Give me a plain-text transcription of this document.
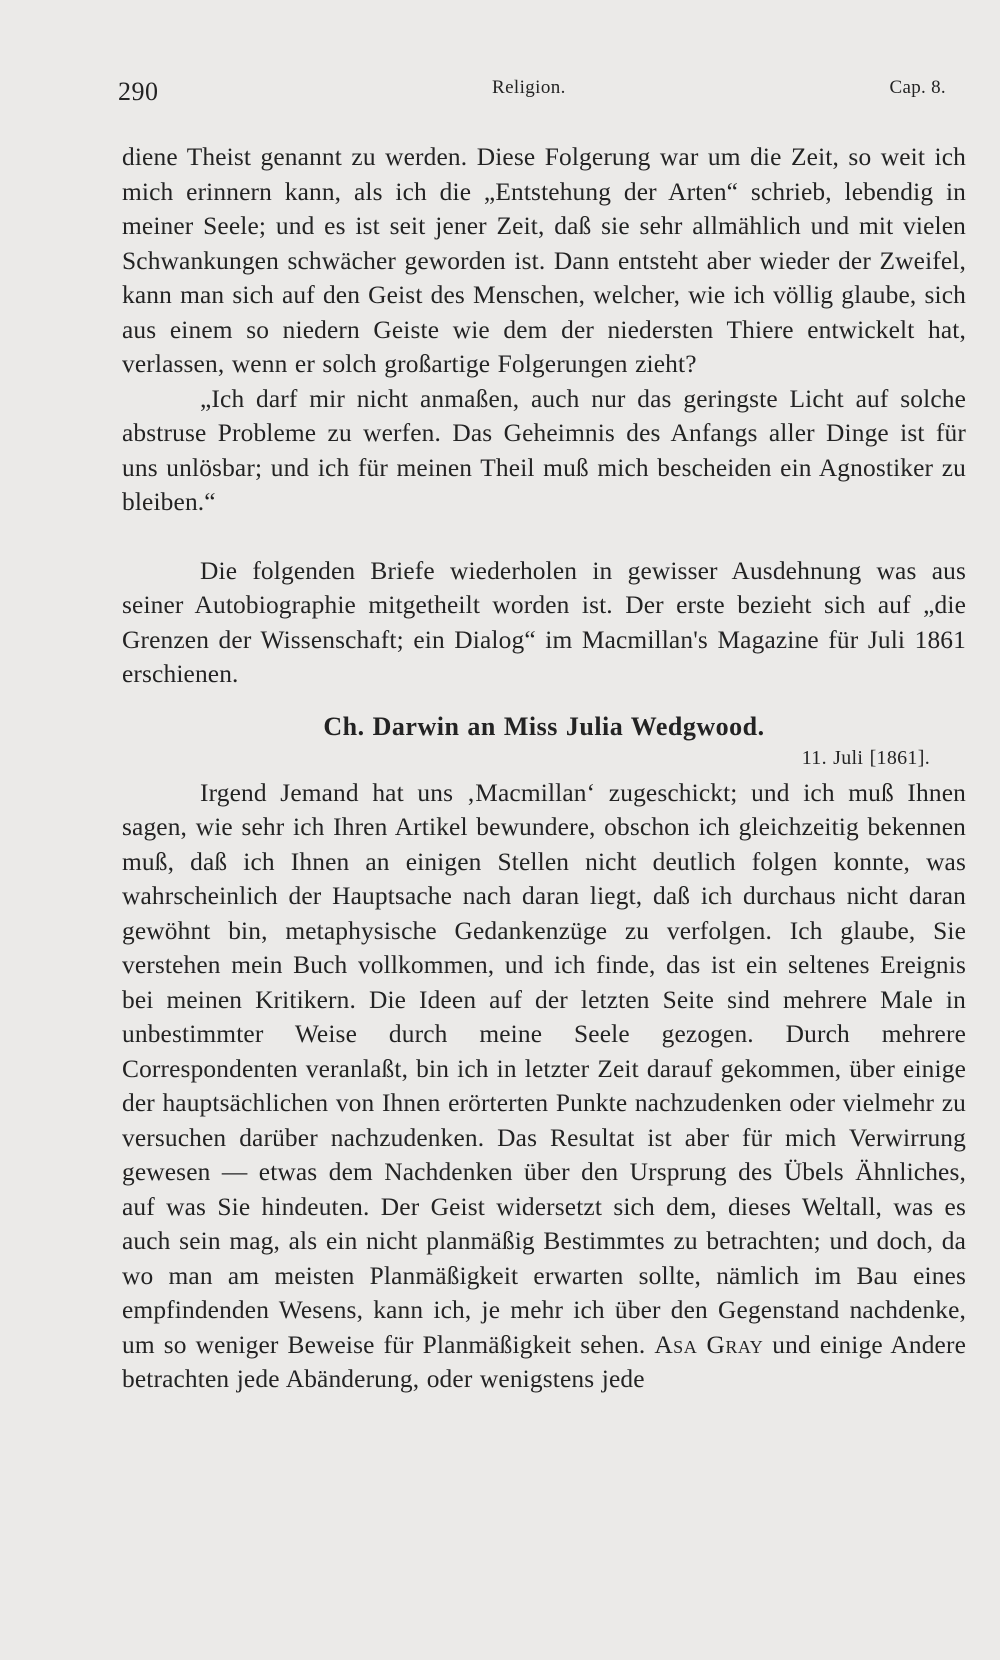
290	Religion.	Cap. 8.

diene Theist genannt zu werden. Diese Folgerung war um die Zeit, so weit ich mich erinnern kann, als ich die „Entstehung der Arten“ schrieb, lebendig in meiner Seele; und es ist seit jener Zeit, daß sie sehr allmählich und mit vielen Schwankungen schwächer geworden ist. Dann entsteht aber wieder der Zweifel, kann man sich auf den Geist des Menschen, welcher, wie ich völlig glaube, sich aus einem so niedern Geiste wie dem der niedersten Thiere entwickelt hat, verlassen, wenn er solch großartige Folgerungen zieht?

„Ich darf mir nicht anmaßen, auch nur das geringste Licht auf solche abstruse Probleme zu werfen. Das Geheimnis des Anfangs aller Dinge ist für uns unlösbar; und ich für meinen Theil muß mich bescheiden ein Agnostiker zu bleiben.“

Die folgenden Briefe wiederholen in gewisser Ausdehnung was aus seiner Autobiographie mitgetheilt worden ist. Der erste bezieht sich auf „die Grenzen der Wissenschaft; ein Dialog“ im Macmillan's Magazine für Juli 1861 erschienen.

Ch. Darwin an Miss Julia Wedgwood.
11. Juli [1861].

Irgend Jemand hat uns ‚Macmillan‘ zugeschickt; und ich muß Ihnen sagen, wie sehr ich Ihren Artikel bewundere, obschon ich gleichzeitig bekennen muß, daß ich Ihnen an einigen Stellen nicht deutlich folgen konnte, was wahrscheinlich der Hauptsache nach daran liegt, daß ich durchaus nicht daran gewöhnt bin, metaphysische Gedankenzüge zu verfolgen. Ich glaube, Sie verstehen mein Buch vollkommen, und ich finde, das ist ein seltenes Ereignis bei meinen Kritikern. Die Ideen auf der letzten Seite sind mehrere Male in unbestimmter Weise durch meine Seele gezogen. Durch mehrere Correspondenten veranlaßt, bin ich in letzter Zeit darauf gekommen, über einige der hauptsächlichen von Ihnen erörterten Punkte nachzudenken oder vielmehr zu versuchen darüber nachzudenken. Das Resultat ist aber für mich Verwirrung gewesen — etwas dem Nachdenken über den Ursprung des Übels Ähnliches, auf was Sie hindeuten. Der Geist widersetzt sich dem, dieses Weltall, was es auch sein mag, als ein nicht planmäßig Bestimmtes zu betrachten; und doch, da wo man am meisten Planmäßigkeit erwarten sollte, nämlich im Bau eines empfindenden Wesens, kann ich, je mehr ich über den Gegenstand nachdenke, um so weniger Beweise für Planmäßigkeit sehen. Asa Gray und einige Andere betrachten jede Abänderung, oder wenigstens jede
